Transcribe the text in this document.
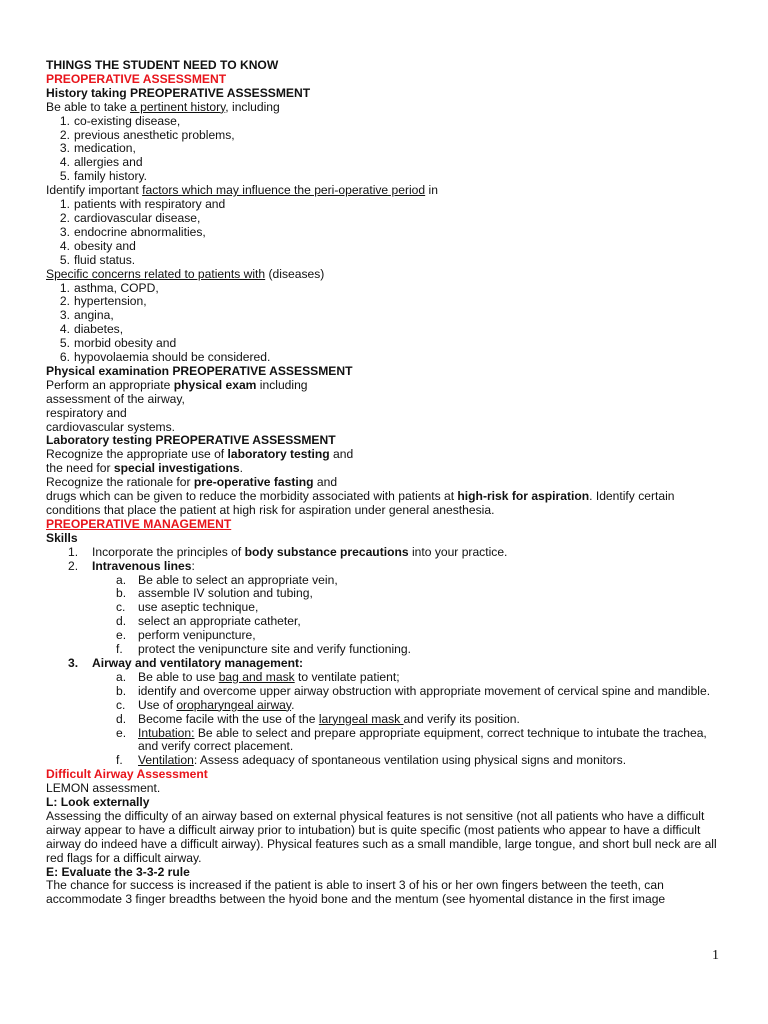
THINGS THE STUDENT NEED TO KNOW
PREOPERATIVE ASSESSMENT
History taking PREOPERATIVE ASSESSMENT
Be able to take a pertinent history, including
1. co-existing disease,
2. previous anesthetic problems,
3. medication,
4. allergies and
5. family history.
Identify important factors which may influence the peri-operative period in
1. patients with respiratory and
2. cardiovascular disease,
3. endocrine abnormalities,
4. obesity and
5. fluid status.
Specific concerns related to patients with (diseases)
1. asthma, COPD,
2. hypertension,
3. angina,
4. diabetes,
5. morbid obesity and
6. hypovolaemia should be considered.
Physical examination PREOPERATIVE ASSESSMENT
Perform an appropriate physical exam including
assessment of the airway,
respiratory and
cardiovascular systems.
Laboratory testing PREOPERATIVE ASSESSMENT
Recognize the appropriate use of laboratory testing and
the need for special investigations.
Recognize the rationale for pre-operative fasting and
drugs which can be given to reduce the morbidity associated with patients at high-risk for aspiration. Identify certain conditions that place the patient at high risk for aspiration under general anesthesia.
PREOPERATIVE MANAGEMENT
Skills
1. Incorporate the principles of body substance precautions into your practice.
2. Intravenous lines:
a. Be able to select an appropriate vein,
b. assemble IV solution and tubing,
c. use aseptic technique,
d. select an appropriate catheter,
e. perform venipuncture,
f. protect the venipuncture site and verify functioning.
3. Airway and ventilatory management:
a. Be able to use bag and mask to ventilate patient;
b. identify and overcome upper airway obstruction with appropriate movement of cervical spine and mandible.
c. Use of oropharyngeal airway.
d. Become facile with the use of the laryngeal mask and verify its position.
e. Intubation: Be able to select and prepare appropriate equipment, correct technique to intubate the trachea, and verify correct placement.
f. Ventilation: Assess adequacy of spontaneous ventilation using physical signs and monitors.
Difficult Airway Assessment
LEMON assessment.
L: Look externally
Assessing the difficulty of an airway based on external physical features is not sensitive (not all patients who have a difficult airway appear to have a difficult airway prior to intubation) but is quite specific (most patients who appear to have a difficult airway do indeed have a difficult airway). Physical features such as a small mandible, large tongue, and short bull neck are all red flags for a difficult airway.
E: Evaluate the 3-3-2 rule
The chance for success is increased if the patient is able to insert 3 of his or her own fingers between the teeth, can accommodate 3 finger breadths between the hyoid bone and the mentum (see hyomental distance in the first image
1
